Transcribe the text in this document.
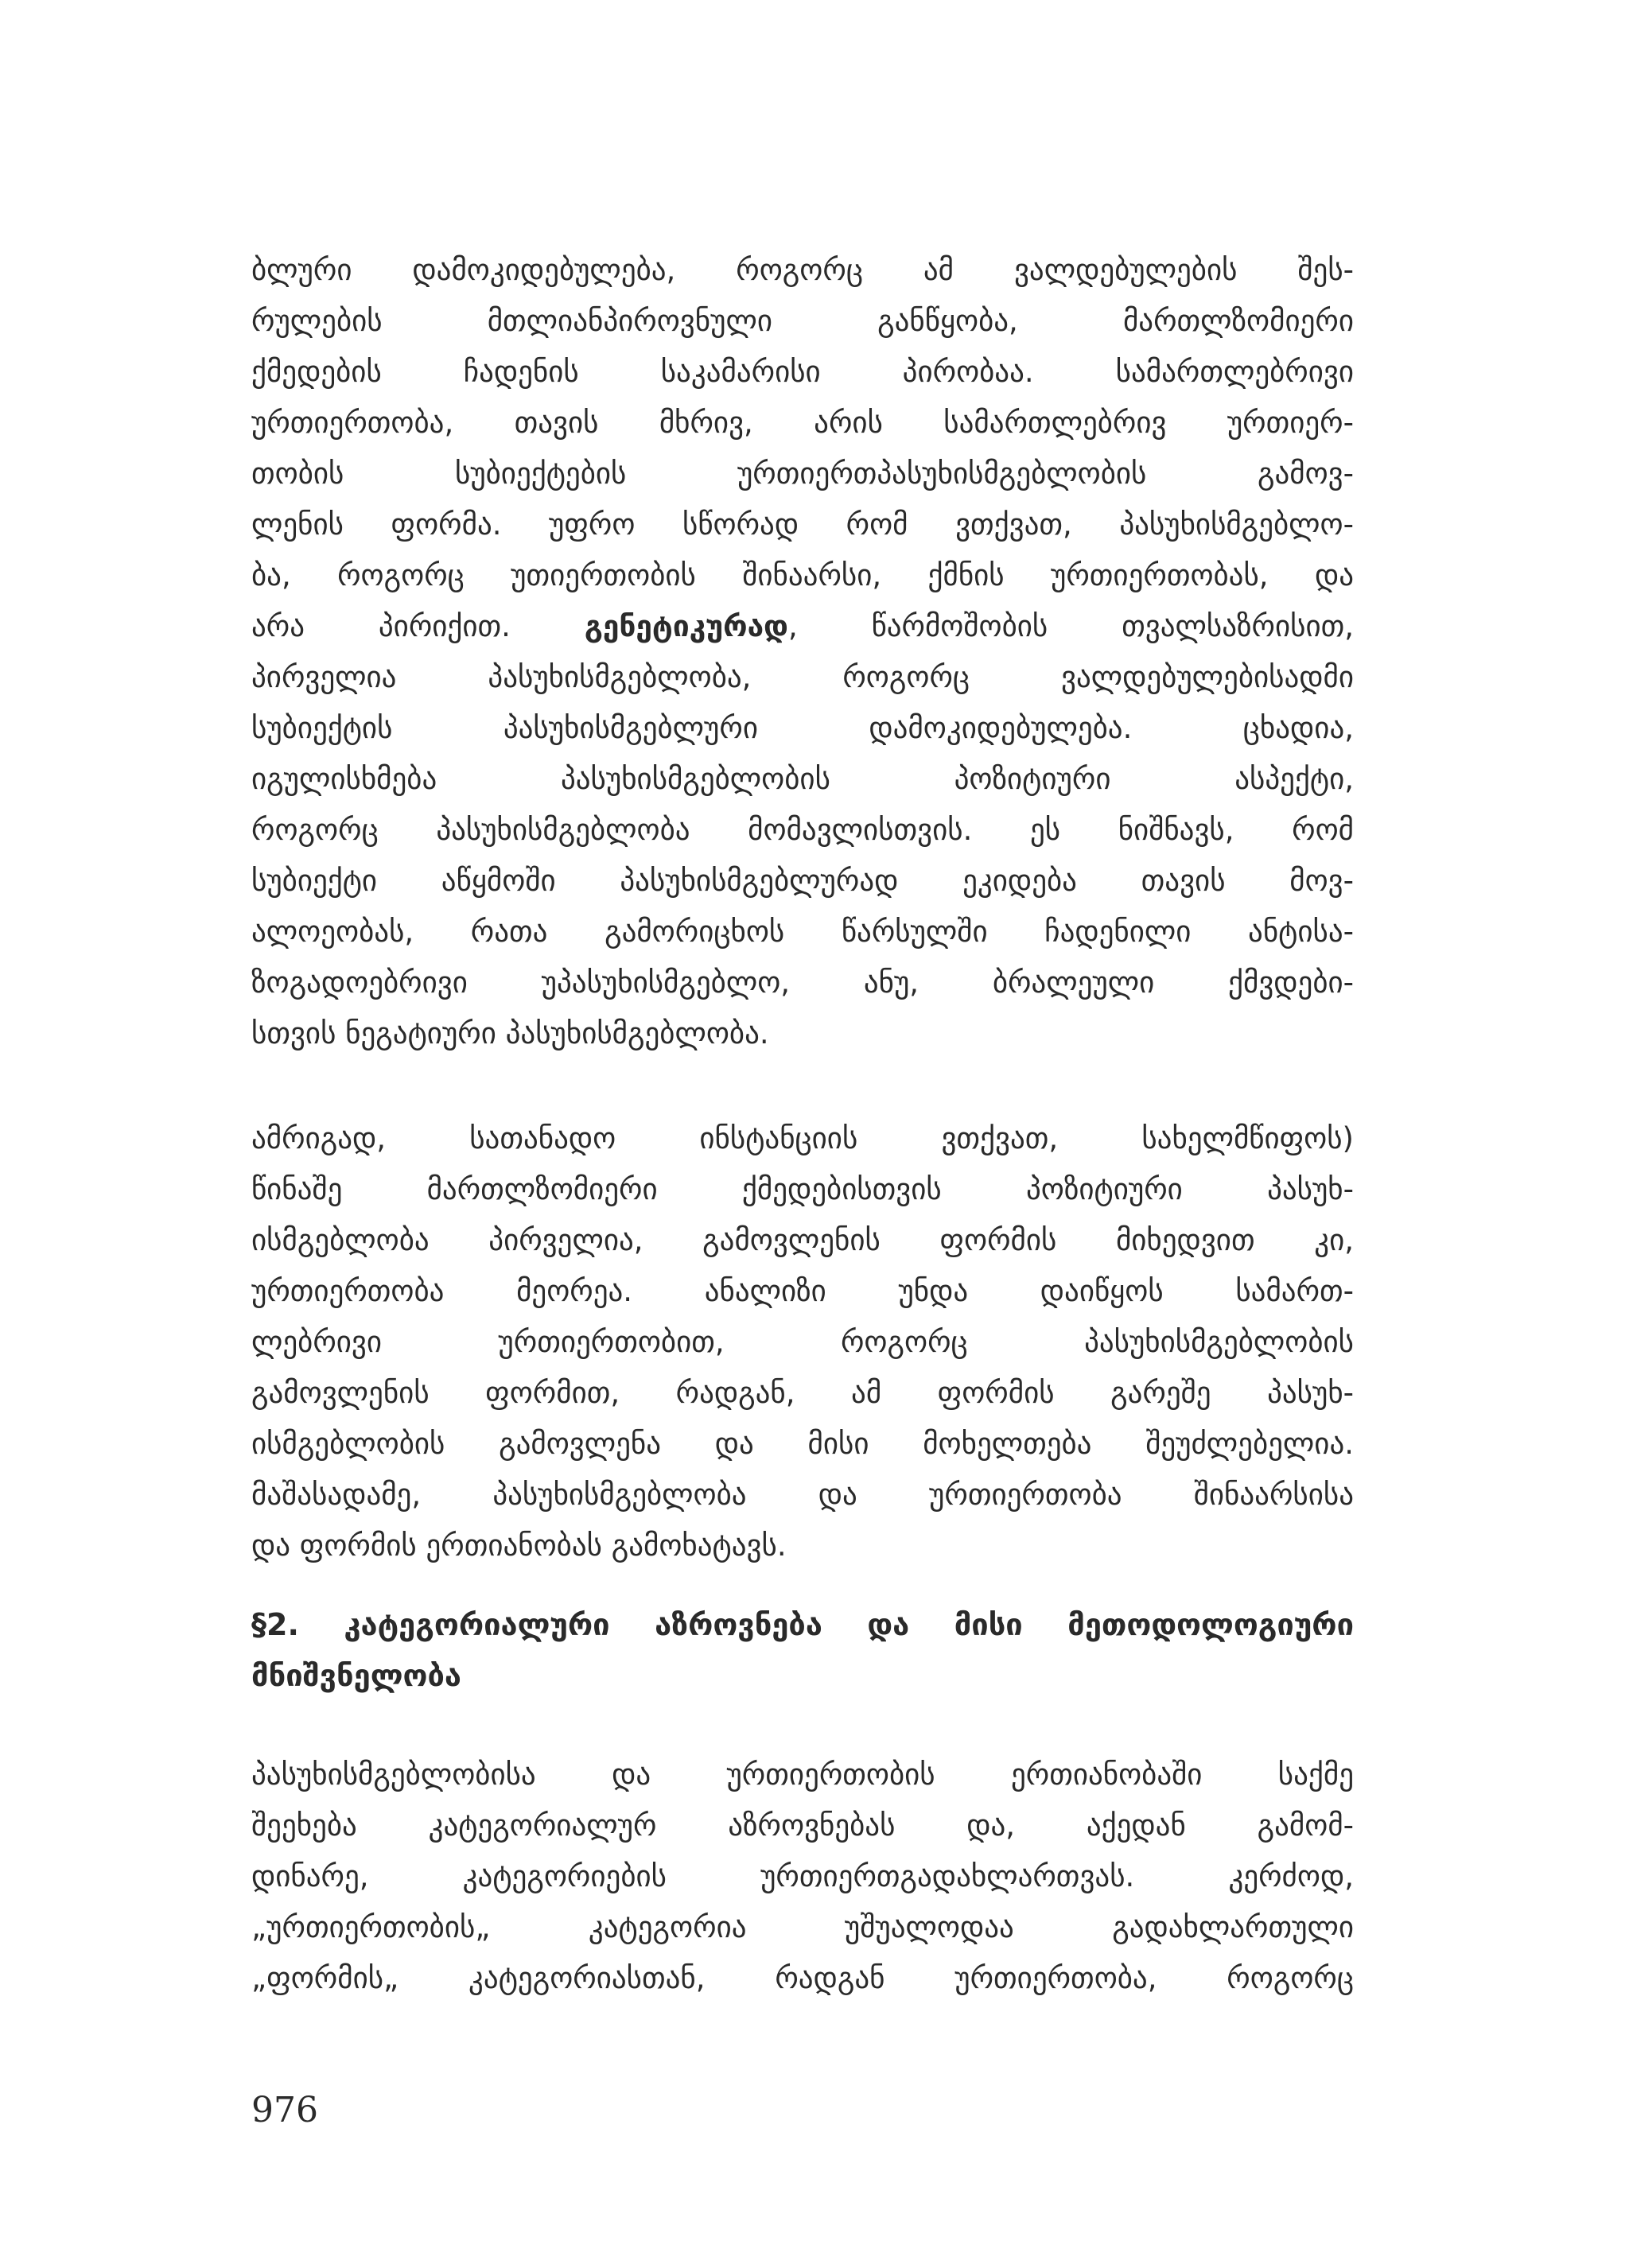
ბლური დამოკიდებულება, როგორც ამ ვალდებულების შეს-
რულების მთლიანპიროვნული განწყობა, მართლზომიერი
ქმედების ჩადენის საკამარისი პირობაა. სამართლებრივი
ურთიერთობა, თავის მხრივ, არის სამართლებრივ ურთიერ-
თობის სუბიექტების ურთიერთპასუხისმგებლობის გამოვ-
ლენის ფორმა. უფრო სწორად რომ ვთქვათ, პასუხისმგებლო-
ბა, როგორც უთიერთობის შინაარსი, ქმნის ურთიერთობას, და
არა პირიქით. გენეტიკურად, წარმოშობის თვალსაზრისით,
პირველია პასუხისმგებლობა, როგორც ვალდებულებისადმი
სუბიექტის პასუხისმგებლური დამოკიდებულება. ცხადია,
იგულისხმება პასუხისმგებლობის პოზიტიური ასპექტი,
როგორც პასუხისმგებლობა მომავლისთვის. ეს ნიშნავს, რომ
სუბიექტი აწყმოში პასუხისმგებლურად ეკიდება თავის მოვ-
ალოეობას, რათა გამორიცხოს წარსულში ჩადენილი ანტისა-
ზოგადოებრივი უპასუხისმგებლო, ანუ, ბრალეული ქმვდები-
სთვის ნეგატიური პასუხისმგებლობა.
ამრიგად, სათანადო ინსტანციის ვთქვათ, სახელმწიფოს)
წინაშე მართლზომიერი ქმედებისთვის პოზიტიური პასუხ-
ისმგებლობა პირველია, გამოვლენის ფორმის მიხედვით კი,
ურთიერთობა მეორეა. ანალიზი უნდა დაიწყოს სამართ-
ლებრივი ურთიერთობით, როგორც პასუხისმგებლობის
გამოვლენის ფორმით, რადგან, ამ ფორმის გარეშე პასუხ-
ისმგებლობის გამოვლენა და მისი მოხელთება შეუძლებელია.
მაშასადამე, პასუხისმგებლობა და ურთიერთობა შინაარსისა
და ფორმის ერთიანობას გამოხატავს.
§2. კატეგორიალური აზროვნება და მისი მეთოდოლოგიური
მნიშვნელობა
პასუხისმგებლობისა და ურთიერთობის ერთიანობაში საქმე
შეეხება კატეგორიალურ აზროვნებას და, აქედან გამომ-
დინარე, კატეგორიების ურთიერთგადახლართვას. კერძოდ,
„ურთიერთობის„ კატეგორია უშუალოდაა გადახლართული
„ფორმის„ კატეგორიასთან, რადგან ურთიერთობა, როგორც
976
